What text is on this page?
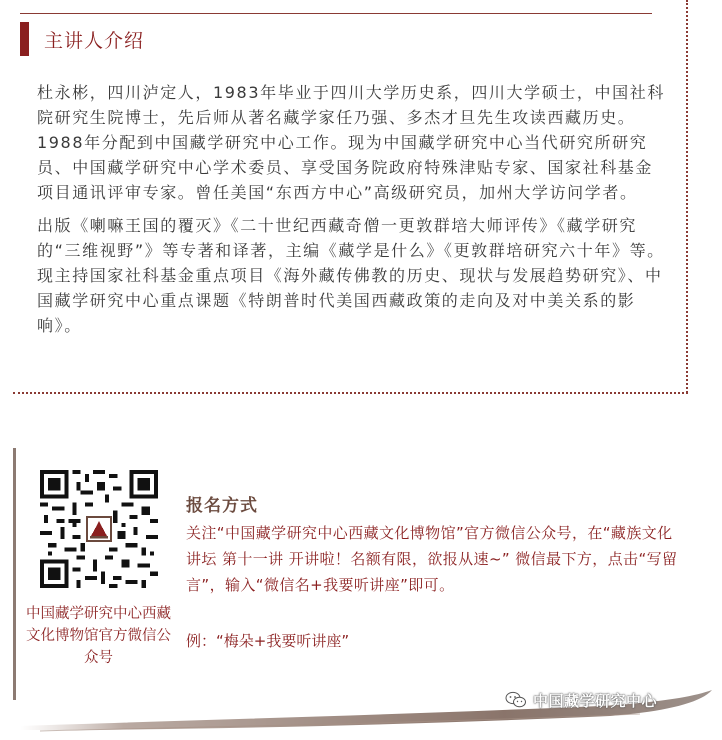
主讲人介绍

杜永彬，四川泸定人，1983年毕业于四川大学历史系，四川大学硕士，中国社科院研究生院博士，先后师从著名藏学家任乃强、多杰才旦先生攻读西藏历史。1988年分配到中国藏学研究中心工作。现为中国藏学研究中心当代研究所研究员、中国藏学研究中心学术委员、享受国务院政府特殊津贴专家、国家社科基金项目通讯评审专家。曾任美国“东西方中心”高级研究员，加州大学访问学者。

出版《喇嘛王国的覆灭》《二十世纪西藏奇僧一更敦群培大师评传》《藏学研究的“三维视野”》等专著和译著，主编《藏学是什么》《更敦群培研究六十年》等。现主持国家社科基金重点项目《海外藏传佛教的历史、现状与发展趋势研究》、中国藏学研究中心重点课题《特朗普时代美国西藏政策的走向及对中美关系的影响》。

中国藏学研究中心西藏文化博物馆官方微信公众号
报名方式
关注“中国藏学研究中心西藏文化博物馆”官方微信公众号，在“藏族文化讲坛 第十一讲 开讲啦！名额有限，欲报从速~” 微信最下方，点击“写留言”，输入“微信名+我要听讲座”即可。
例：“梅朵+我要听讲座”
中国藏学研究中心
